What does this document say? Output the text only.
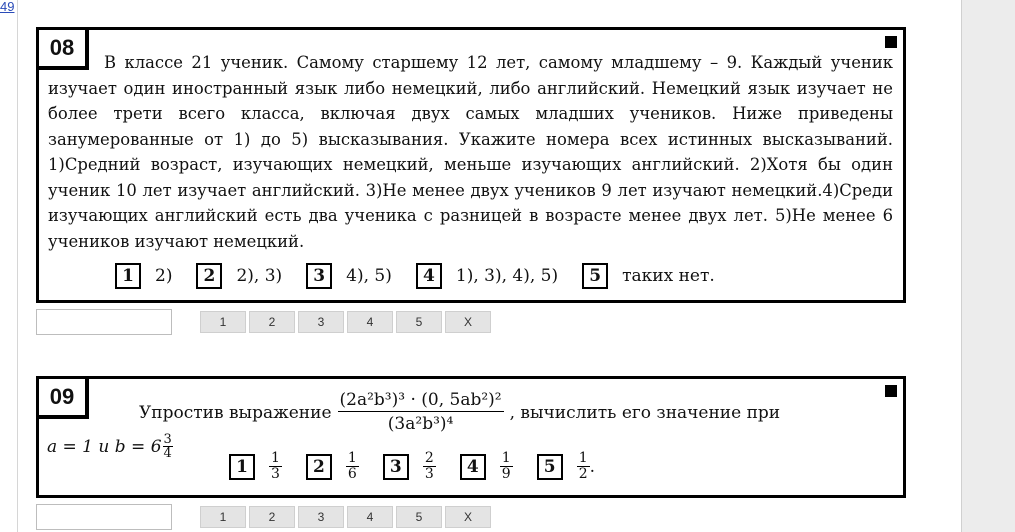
49
08
В классе 21 ученик. Самому старшему 12 лет, самому младшему – 9. Каждый ученик изучает один иностранный язык либо немецкий, либо английский. Немецкий язык изучает не более трети всего класса, включая двух самых младших учеников. Ниже приведены занумерованные от 1) до 5) высказывания. Укажите номера всех истинных высказываний. 1)Средний возраст, изучающих немецкий, меньше изучающих английский. 2)Хотя бы один ученик 10 лет изучает английский. 3)Не менее двух учеников 9 лет изучают немецкий.4)Среди изучающих английский есть два ученика с разницей в возрасте менее двух лет. 5)Не менее 6 учеников изучают немецкий.
1	2)	2	2), 3)	3	4), 5)	4	1), 3), 4), 5)	5	таких нет.
1	2	3	4	5	X
09
Упростив выражение $\frac{\text{(2a²b³)³ · (0, 5ab²)²}}{\text{(3a²b³)⁴}}$ , вычислить его значение при
a = 1 и $b = 6 \frac{3}{4}$
1	$\frac{1}{3}$	2	$\frac{1}{6}$	3	$\frac{2}{3}$	4	$\frac{1}{9}$	5	$\frac{1}{2}$ .
1	2	3	4	5	X
